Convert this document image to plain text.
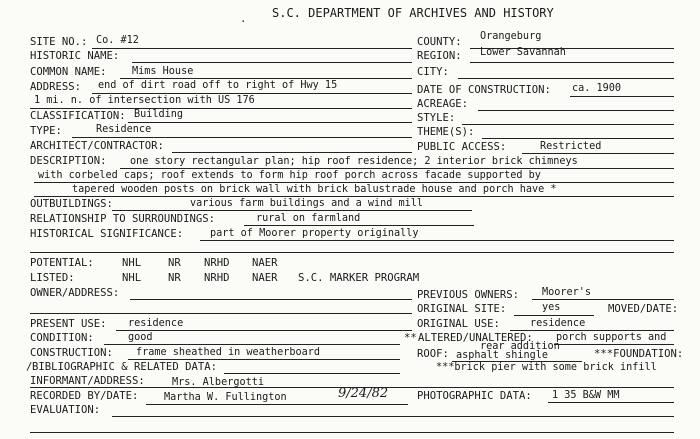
. S.C. DEPARTMENT OF ARCHIVES AND HISTORY
SITE NO.: Co. #12
HISTORIC NAME:
COMMON NAME: Mims House
ADDRESS: end of dirt road off to right of Hwy 15
1 mi. n. of intersection with US 176
CLASSIFICATION: Building
TYPE:	Residence
ARCHITECT/CONTRACTOR:
DESCRIPTION: one story rectangular plan; hip roof residence; 2 interior brick chimneys
with corbeled caps; roof extends to form hip roof porch across facade supported by
tapered wooden posts on brick wall with brick balustrade house and porch have *
OUTBUILDINGS:	various farm buildings and a wind mill
RELATIONSHIP TO SURROUNDINGS:	rural on farmland
HISTORICAL SIGNIFICANCE:	part of Moorer property originally
COUNTY: Orangeburg
REGION: Lower Savannah
CITY:
DATE OF CONSTRUCTION: ca. 1900
ACREAGE:
STYLE:
THEME(S):
PUBLIC ACCESS:	Restricted
POTENTIAL:	NHL	NR NRHD NAER
LISTED:	NHL	NR NRHD NAER S.C. MARKER PROGRAM
OWNER/ADDRESS:	PREVIOUS OWNERS: Moorer's
ORIGINAL SITE:	yes	MOVED/DATE:
PRESENT USE: residence	ORIGINAL USE:	residence
CONDITION:	good	** ALTERED/UNALTERED: porch supports and
rear addition
CONSTRUCTION: frame sheathed in weatherboard	ROOF: asphalt shingle	***FOUNDATION:
/ BIBLIOGRAPHIC & RELATED DATA:	***brick pier with some brick infill
INFORMANT/ADDRESS:	Mrs. Albergotti
RECORDED BY/DATE:	Martha W. Fullington	9/24/82	PHOTOGRAPHIC DATA: 1 35 B&W MM
EVALUATION:
